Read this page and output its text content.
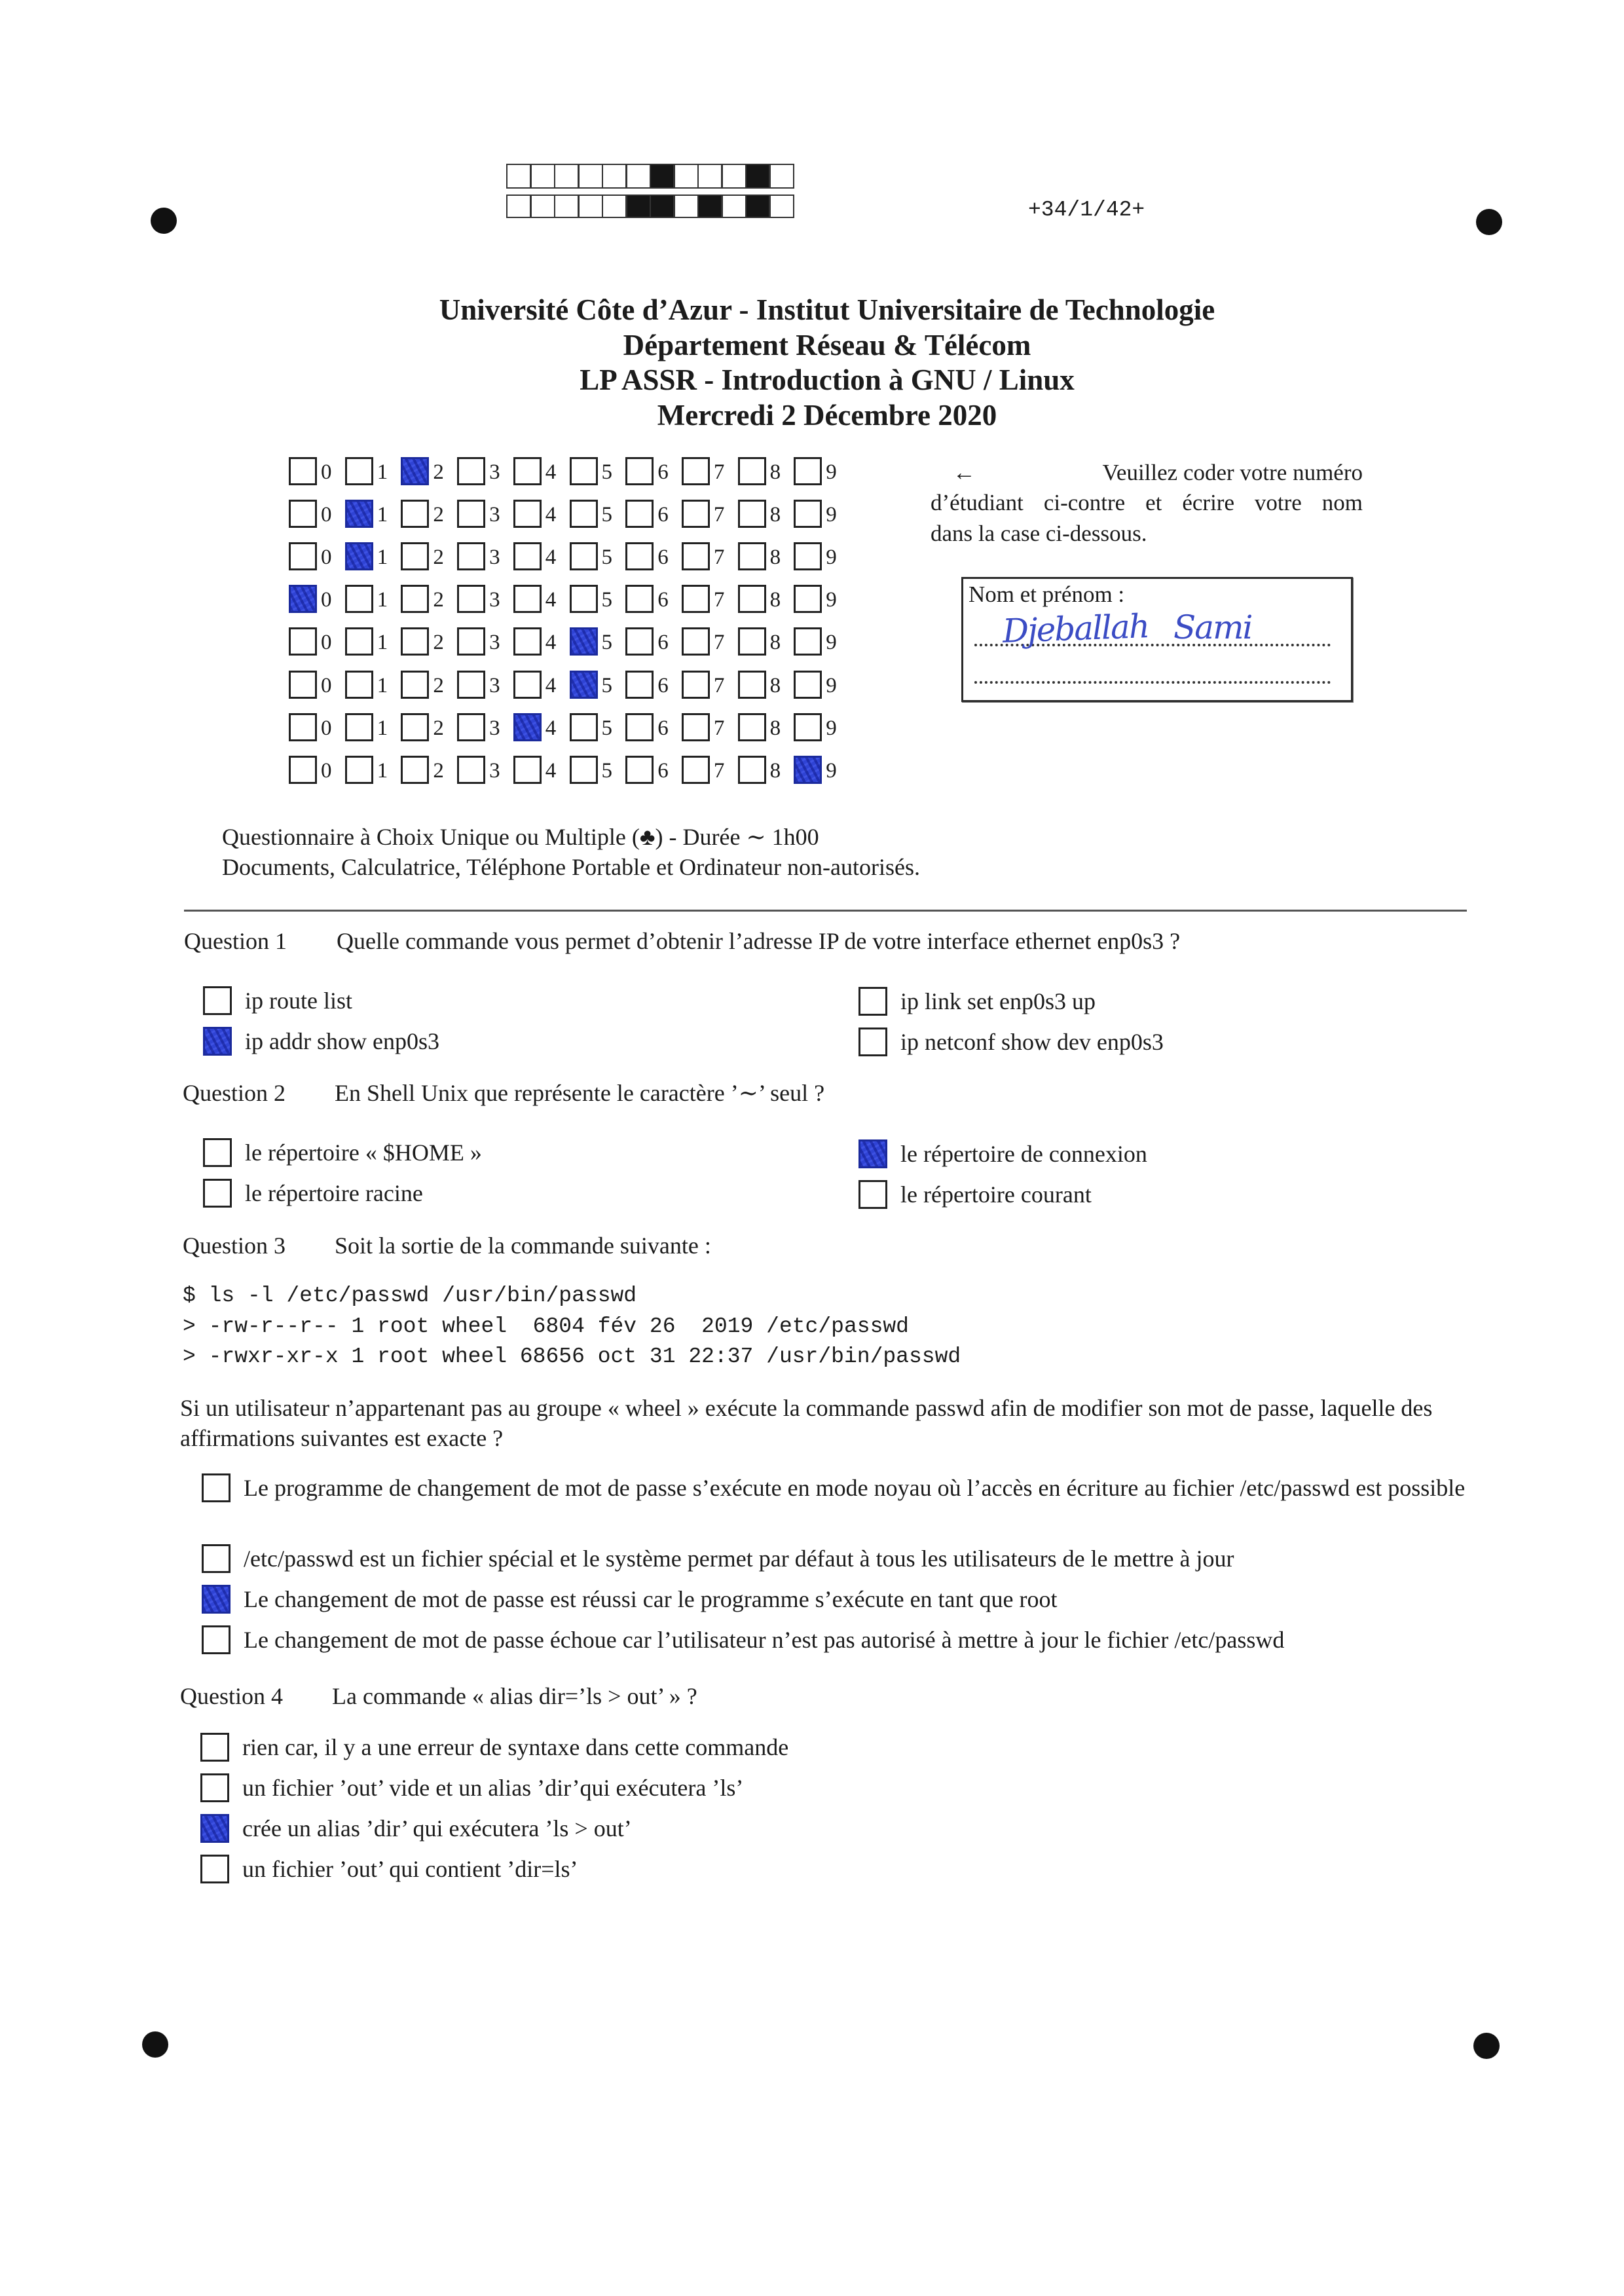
+34/1/42+
Université Côte d’Azur - Institut Universitaire de Technologie
Département Réseau & Télécom
LP ASSR - Introduction à GNU / Linux
Mercredi 2 Décembre 2020
0 1 2 3 4 5 6 7 8 9
0 1 2 3 4 5 6 7 8 9
0 1 2 3 4 5 6 7 8 9
0 1 2 3 4 5 6 7 8 9
0 1 2 3 4 5 6 7 8 9
0 1 2 3 4 5 6 7 8 9
0 1 2 3 4 5 6 7 8 9
0 1 2 3 4 5 6 7 8 9
←	Veuillez coder votre numéro
d’étudiant ci-contre et écrire votre nom
dans la case ci-dessous.
Nom et prénom :
Djeballah Sami
Questionnaire à Choix Unique ou Multiple (♣) - Durée ∼ 1h00
Documents, Calculatrice, Téléphone Portable et Ordinateur non-autorisés.
Question 1 Quelle commande vous permet d’obtenir l’adresse IP de votre interface ethernet enp0s3 ?
ip route list
ip addr show enp0s3
ip link set enp0s3 up
ip netconf show dev enp0s3
Question 2 En Shell Unix que représente le caractère ’∼’ seul ?
le répertoire « $HOME »
le répertoire racine
le répertoire de connexion
le répertoire courant
Question 3 Soit la sortie de la commande suivante :
$ ls -l /etc/passwd /usr/bin/passwd
> -rw-r--r-- 1 root wheel  6804 fév 26  2019 /etc/passwd
> -rwxr-xr-x 1 root wheel 68656 oct 31 22:37 /usr/bin/passwd
Si un utilisateur n’appartenant pas au groupe « wheel » exécute la commande passwd afin de modifier son mot de passe, laquelle des affirmations suivantes est exacte ?
Le programme de changement de mot de passe s’exécute en mode noyau où l’accès en écriture au fichier /etc/passwd est possible
/etc/passwd est un fichier spécial et le système permet par défaut à tous les utilisateurs de le mettre à jour
Le changement de mot de passe est réussi car le programme s’exécute en tant que root
Le changement de mot de passe échoue car l’utilisateur n’est pas autorisé à mettre à jour le fichier /etc/passwd
Question 4 La commande « alias dir=’ls > out’ » ?
rien car, il y a une erreur de syntaxe dans cette commande
un fichier ’out’ vide et un alias ’dir’qui exécutera ’ls’
crée un alias ’dir’ qui exécutera ’ls > out’
un fichier ’out’ qui contient ’dir=ls’
